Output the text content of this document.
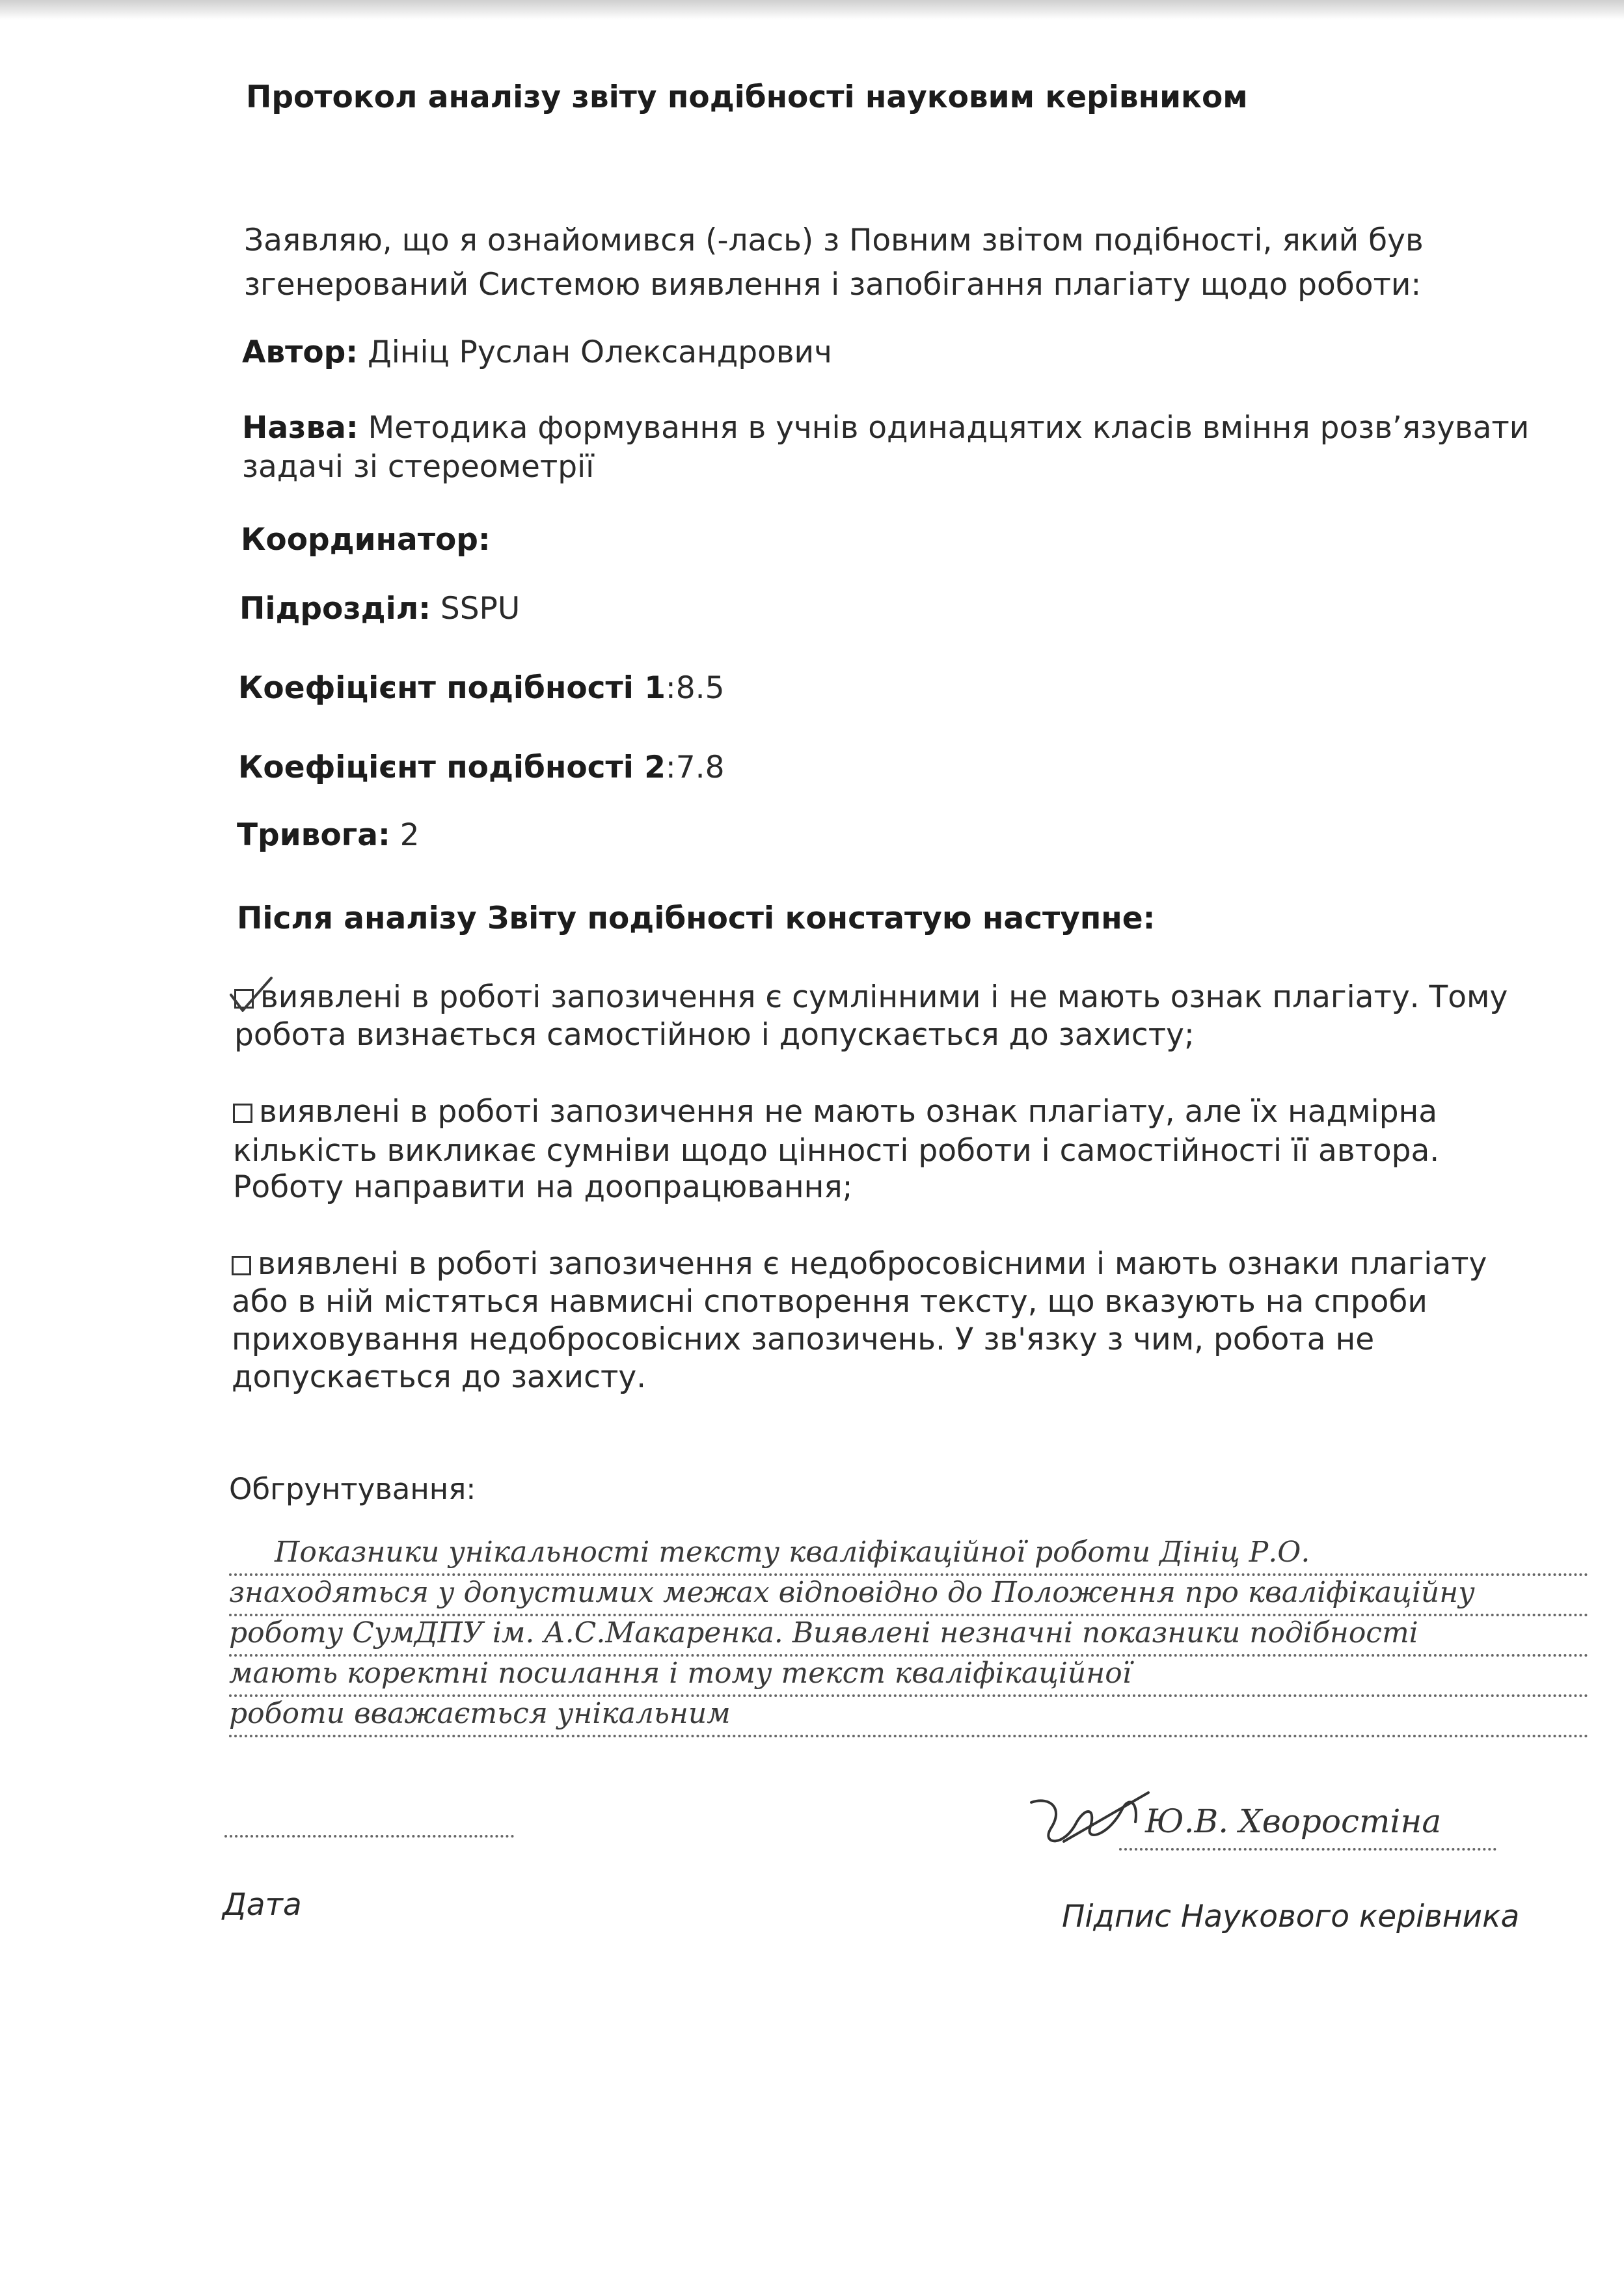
Протокол аналізу звіту подібності науковим керівником
Заявляю, що я ознайомився (-лась) з Повним звітом подібності, який був
згенерований Системою виявлення і запобігання плагіату щодо роботи:
Автор: Дініц Руслан Олександрович
Назва: Методика формування в учнів одинадцятих класів вміння розв’язувати
задачі зі стереометрії
Координатор:
Підрозділ: SSPU
Коефіцієнт подібності 1:8.5
Коефіцієнт подібності 2:7.8
Тривога: 2
Після аналізу Звіту подібності констатую наступне:
виявлені в роботі запозичення є сумлінними і не мають ознак плагіату. Тому
робота визнається самостійною і допускається до захисту;
виявлені в роботі запозичення не мають ознак плагіату, але їх надмірна
кількість викликає сумніви щодо цінності роботи і самостійності її автора.
Роботу направити на доопрацювання;
виявлені в роботі запозичення є недобросовісними і мають ознаки плагіату
або в ній містяться навмисні спотворення тексту, що вказують на спроби
приховування недобросовісних запозичень. У зв'язку з чим, робота не
допускається до захисту.
Обгрунтування:
Показники унікальності тексту кваліфікаційної роботи Дініц Р.О.
знаходяться у допустимих межах відповідно до Положення про кваліфікаційну
роботу СумДПУ ім. А.С.Макаренка. Виявлені незначні показники подібності
мають коректні посилання і тому текст кваліфікаційної
роботи вважається унікальним
Дата
Ю.В. Хворостіна
Підпис Наукового керівника
